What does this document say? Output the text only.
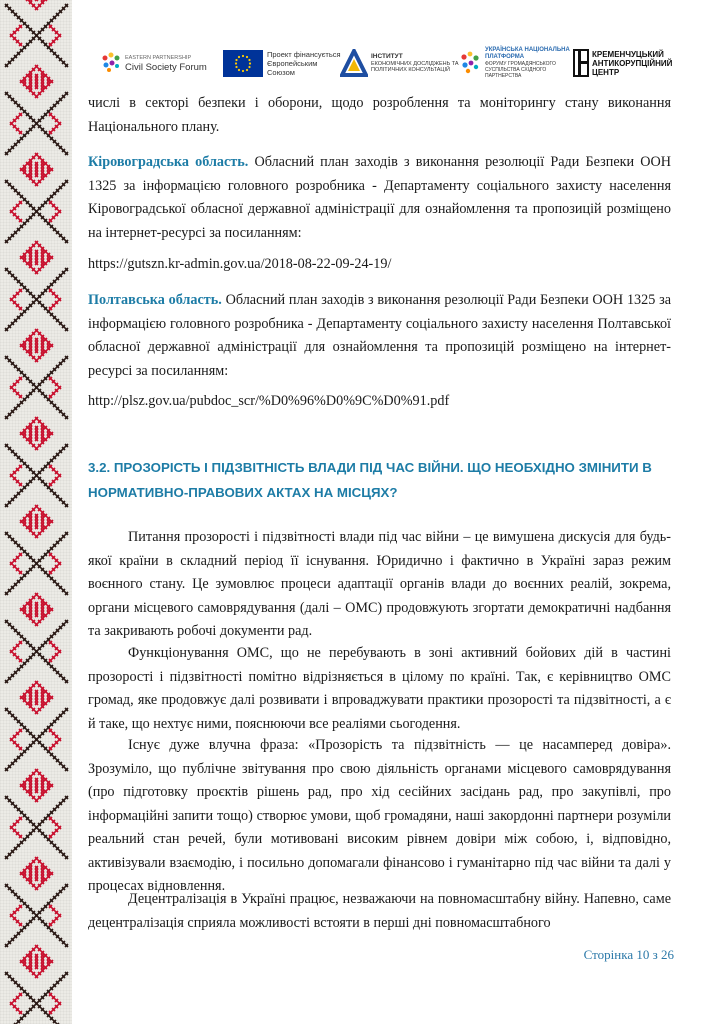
EASTERN PARTNERSHIP
Civil Society Forum
Проект фінансується Європейським Союзом
ІНСТИТУТ
ЕКОНОМІЧНИХ ДОСЛІДЖЕНЬ ТА ПОЛІТИЧНИХ КОНСУЛЬТАЦІЙ
УКРАЇНСЬКА НАЦІОНАЛЬНА ПЛАТФОРМА
ФОРУМУ ГРОМАДЯНСЬКОГО СУСПІЛЬСТВА СХІДНОГО ПАРТНЕРСТВА
КРЕМЕНЧУЦЬКИЙ АНТИКОРУПЦІЙНИЙ ЦЕНТР

числі в секторі безпеки і оборони, щодо розроблення та моніторингу стану виконання Національного плану.

Кіровоградська область. Обласний план заходів з виконання резолюції Ради Безпеки ООН 1325 за інформацією головного розробника - Департаменту соціального захисту населення Кіровоградської обласної державної адміністрації для ознайомлення та пропозицій розміщено на інтернет-ресурсі за посиланням:

https://gutszn.kr-admin.gov.ua/2018-08-22-09-24-19/

Полтавська область. Обласний план заходів з виконання резолюції Ради Безпеки ООН 1325 за інформацією головного розробника - Департаменту соціального захисту населення Полтавської обласної державної адміністрації для ознайомлення та пропозицій розміщено на інтернет-ресурсі за посиланням:

http://plsz.gov.ua/pubdoc_scr/%D0%96%D0%9C%D0%91.pdf

3.2. ПРОЗОРІСТЬ І ПІДЗВІТНІСТЬ ВЛАДИ ПІД ЧАС ВІЙНИ. ЩО НЕОБХІДНО ЗМІНИТИ В НОРМАТИВНО-ПРАВОВИХ АКТАХ НА МІСЦЯХ?

Питання прозорості і підзвітності влади під час війни – це вимушена дискусія для будь-якої країни в складний період її існування. Юридично і фактично в Україні зараз режим воєнного стану. Це зумовлює процеси адаптації органів влади до воєнних реалій, зокрема, органи місцевого самоврядування (далі – ОМС) продовжують згортати демократичні надбання та закривають робочі документи рад.

Функціонування ОМС, що не перебувають в зоні активний бойових дій в частині прозорості і підзвітності помітно відрізняється в цілому по країні. Так, є керівництво ОМС громад, яке продовжує далі розвивати і впроваджувати практики прозорості та підзвітності, а є й таке, що нехтує ними, пояснюючи все реаліями сьогодення.

Існує дуже влучна фраза: «Прозорість та підзвітність — це насамперед довіра». Зрозуміло, що публічне звітування про свою діяльність органами місцевого самоврядування (про підготовку проєктів рішень рад, про хід сесійних засідань рад, про закупівлі, про інформаційні запити тощо) створює умови, щоб громадяни, наші закордонні партнери розуміли реальний стан речей, були мотивовані високим рівнем довіри між собою, і, відповідно, активізували взаємодію, і посильно допомагали фінансово і гуманітарно під час війни та далі у процесах відновлення.

Децентралізація в Україні працює, незважаючи на повномасштабну війну. Напевно, саме децентралізація сприяла можливості встояти в перші дні повномасштабного

Сторінка 10 з 26
